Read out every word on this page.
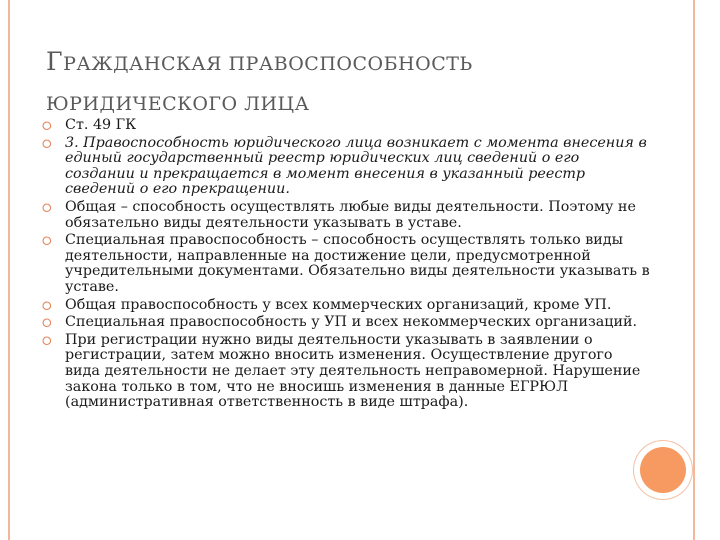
ГРАЖДАНСКАЯ ПРАВОСПОСОБНОСТЬ
ЮРИДИЧЕСКОГО ЛИЦА
⭘ Ст. 49 ГК
⭘ 3. Правоспособность юридического лица возникает с момента внесения в единый государственный реестр юридических лиц сведений о его создании и прекращается в момент внесения в указанный реестр сведений о его прекращении.
⭘ Общая – способность осуществлять любые виды деятельности. Поэтому не обязательно виды деятельности указывать в уставе.
⭘ Специальная правоспособность – способность осуществлять только виды деятельности, направленные на достижение цели, предусмотренной учредительными документами. Обязательно виды деятельности указывать в уставе.
⭘ Общая правоспособность у всех коммерческих организаций, кроме УП.
⭘ Специальная правоспособность у УП и всех некоммерческих организаций.
⭘ При регистрации нужно виды деятельности указывать в заявлении о регистрации, затем можно вносить изменения. Осуществление другого вида деятельности не делает эту деятельность неправомерной. Нарушение закона только в том, что не вносишь изменения в данные ЕГРЮЛ (административная ответственность в виде штрафа).
